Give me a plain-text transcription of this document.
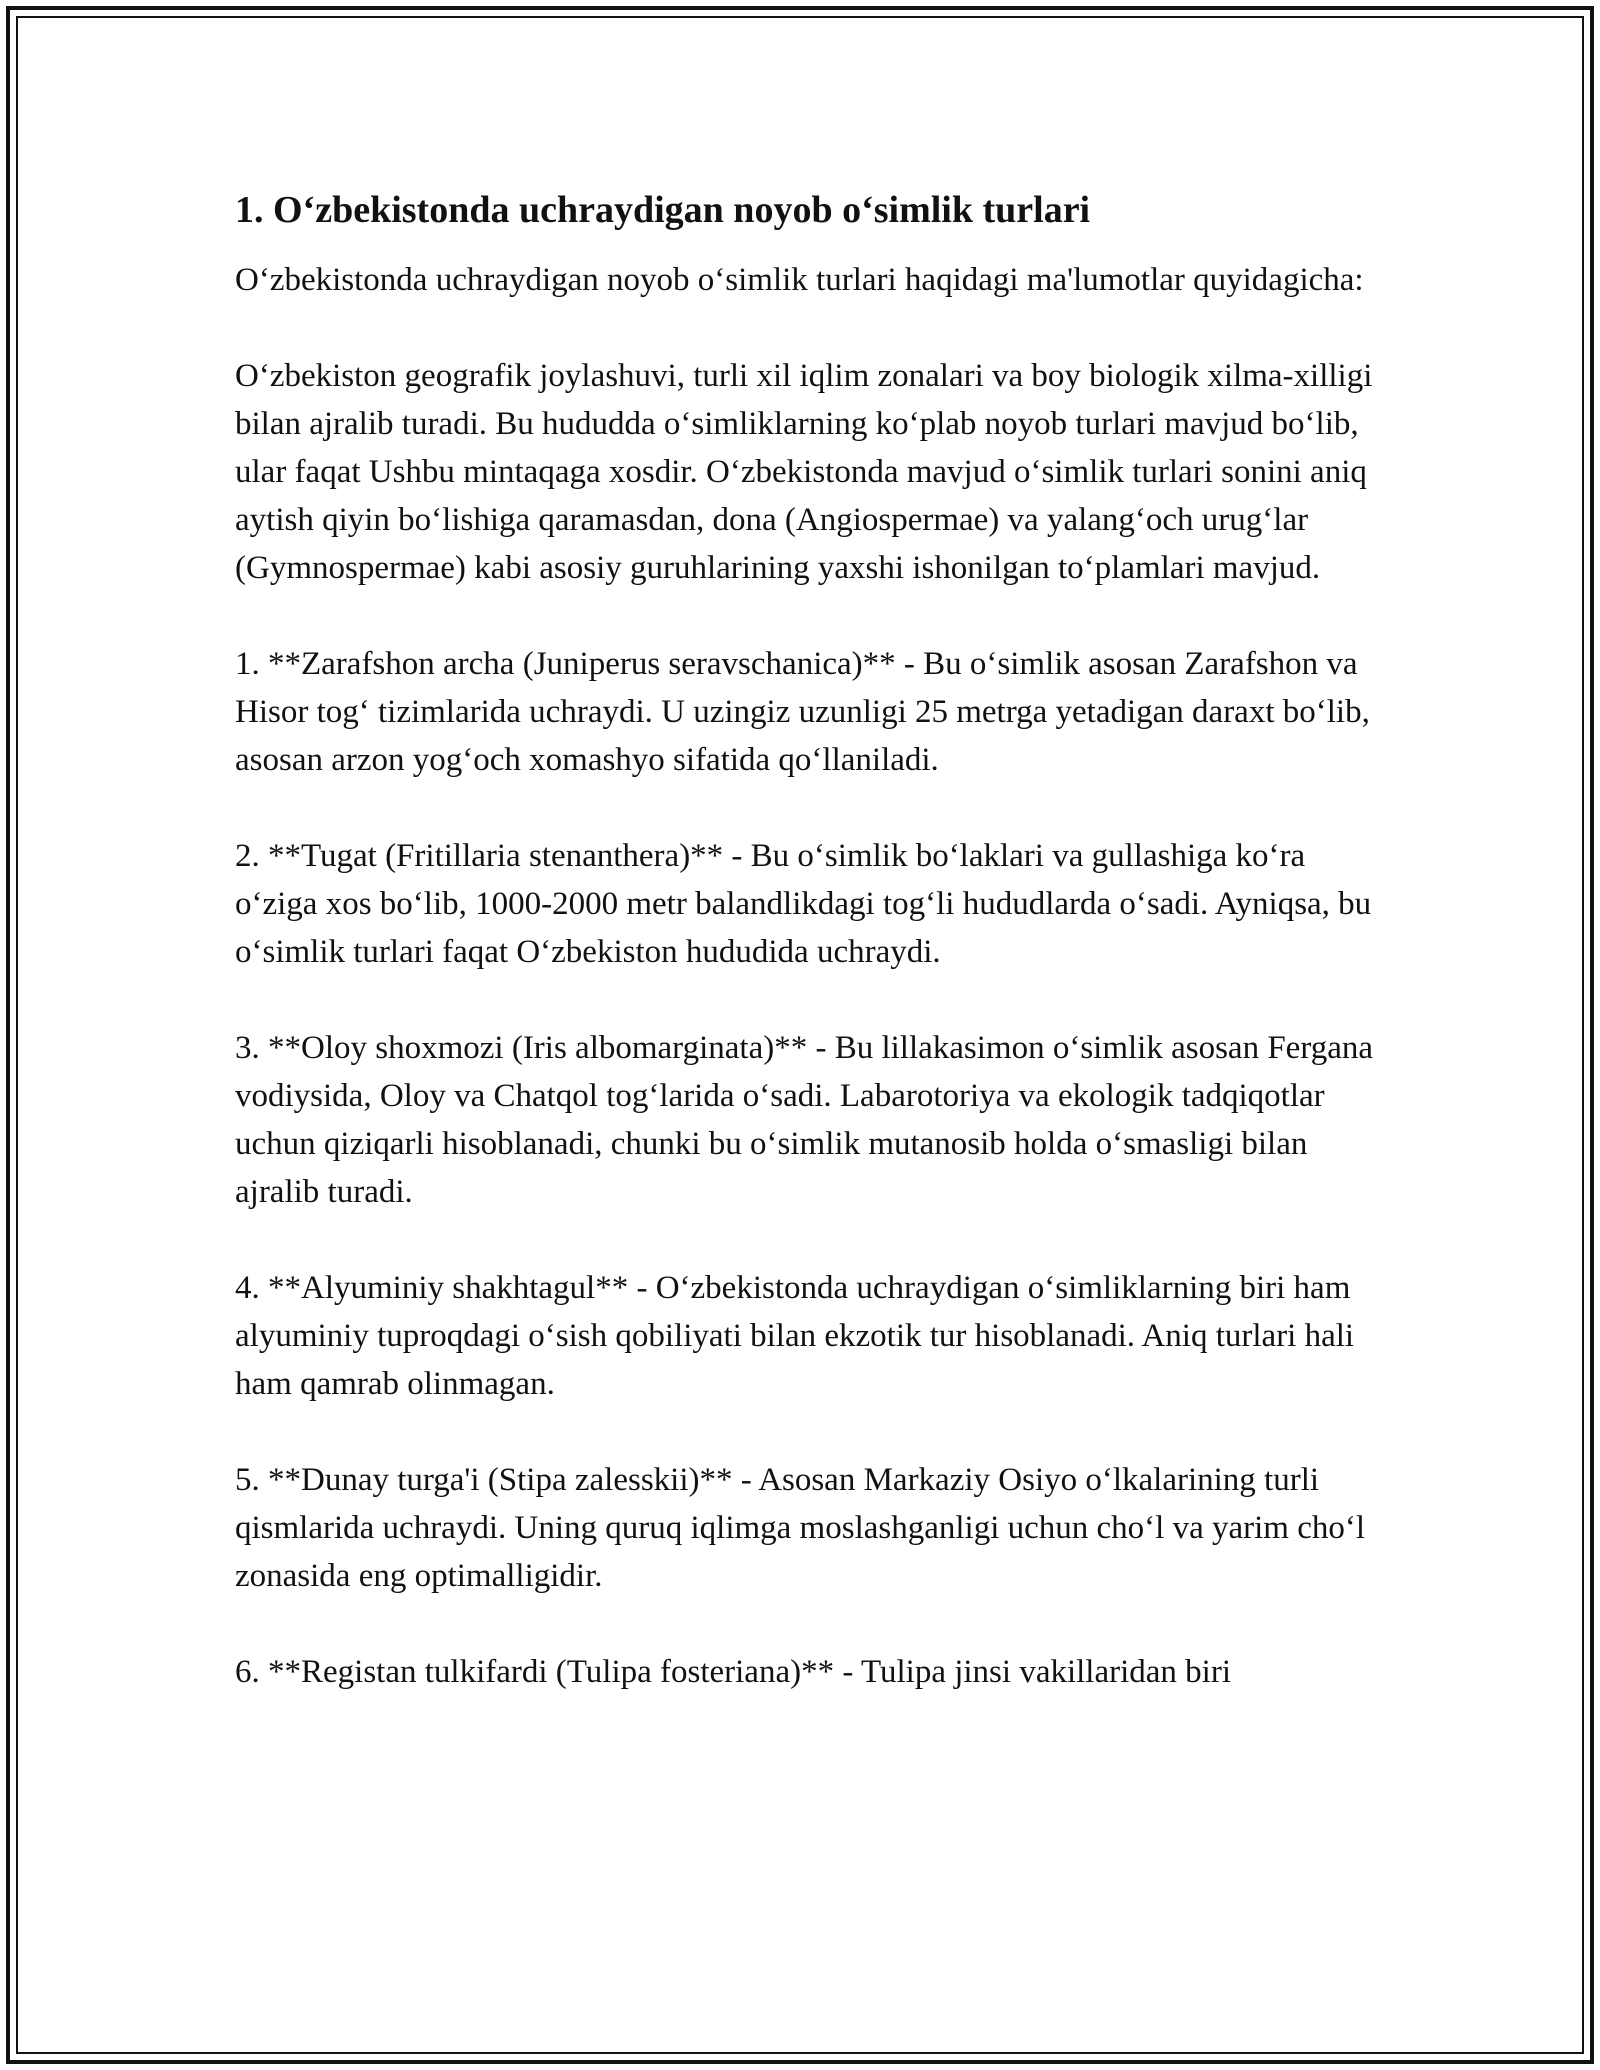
1. O‘zbekistonda uchraydigan noyob o‘simlik turlari

O‘zbekistonda uchraydigan noyob o‘simlik turlari haqidagi ma'lumotlar quyidagicha:

O‘zbekiston geografik joylashuvi, turli xil iqlim zonalari va boy biologik xilma-xilligi bilan ajralib turadi. Bu hududda o‘simliklarning ko‘plab noyob turlari mavjud bo‘lib, ular faqat Ushbu mintaqaga xosdir. O‘zbekistonda mavjud o‘simlik turlari sonini aniq aytish qiyin bo‘lishiga qaramasdan, dona (Angiospermae) va yalang‘och urug‘lar (Gymnospermae) kabi asosiy guruhlarining yaxshi ishonilgan to‘plamlari mavjud.

1. **Zarafshon archa (Juniperus seravschanica)** - Bu o‘simlik asosan Zarafshon va Hisor tog‘ tizimlarida uchraydi. U uzingiz uzunligi 25 metrga yetadigan daraxt bo‘lib, asosan arzon yog‘och xomashyo sifatida qo‘llaniladi.

2. **Tugat (Fritillaria stenanthera)** - Bu o‘simlik bo‘laklari va gullashiga ko‘ra o‘ziga xos bo‘lib, 1000-2000 metr balandlikdagi tog‘li hududlarda o‘sadi. Ayniqsa, bu o‘simlik turlari faqat O‘zbekiston hududida uchraydi.

3. **Oloy shoxmozi (Iris albomarginata)** - Bu lillakasimon o‘simlik asosan Fergana vodiysida, Oloy va Chatqol tog‘larida o‘sadi. Labarotoriya va ekologik tadqiqotlar uchun qiziqarli hisoblanadi, chunki bu o‘simlik mutanosib holda o‘smasligi bilan ajralib turadi.

4. **Alyuminiy shakhtagul** - O‘zbekistonda uchraydigan o‘simliklarning biri ham alyuminiy tuproqdagi o‘sish qobiliyati bilan ekzotik tur hisoblanadi. Aniq turlari hali ham qamrab olinmagan.

5. **Dunay turga'i (Stipa zalesskii)** - Asosan Markaziy Osiyo o‘lkalarining turli qismlarida uchraydi. Uning quruq iqlimga moslashganligi uchun cho‘l va yarim cho‘l zonasida eng optimalligidir.

6. **Registan tulkifardi (Tulipa fosteriana)** - Tulipa jinsi vakillaridan biri
